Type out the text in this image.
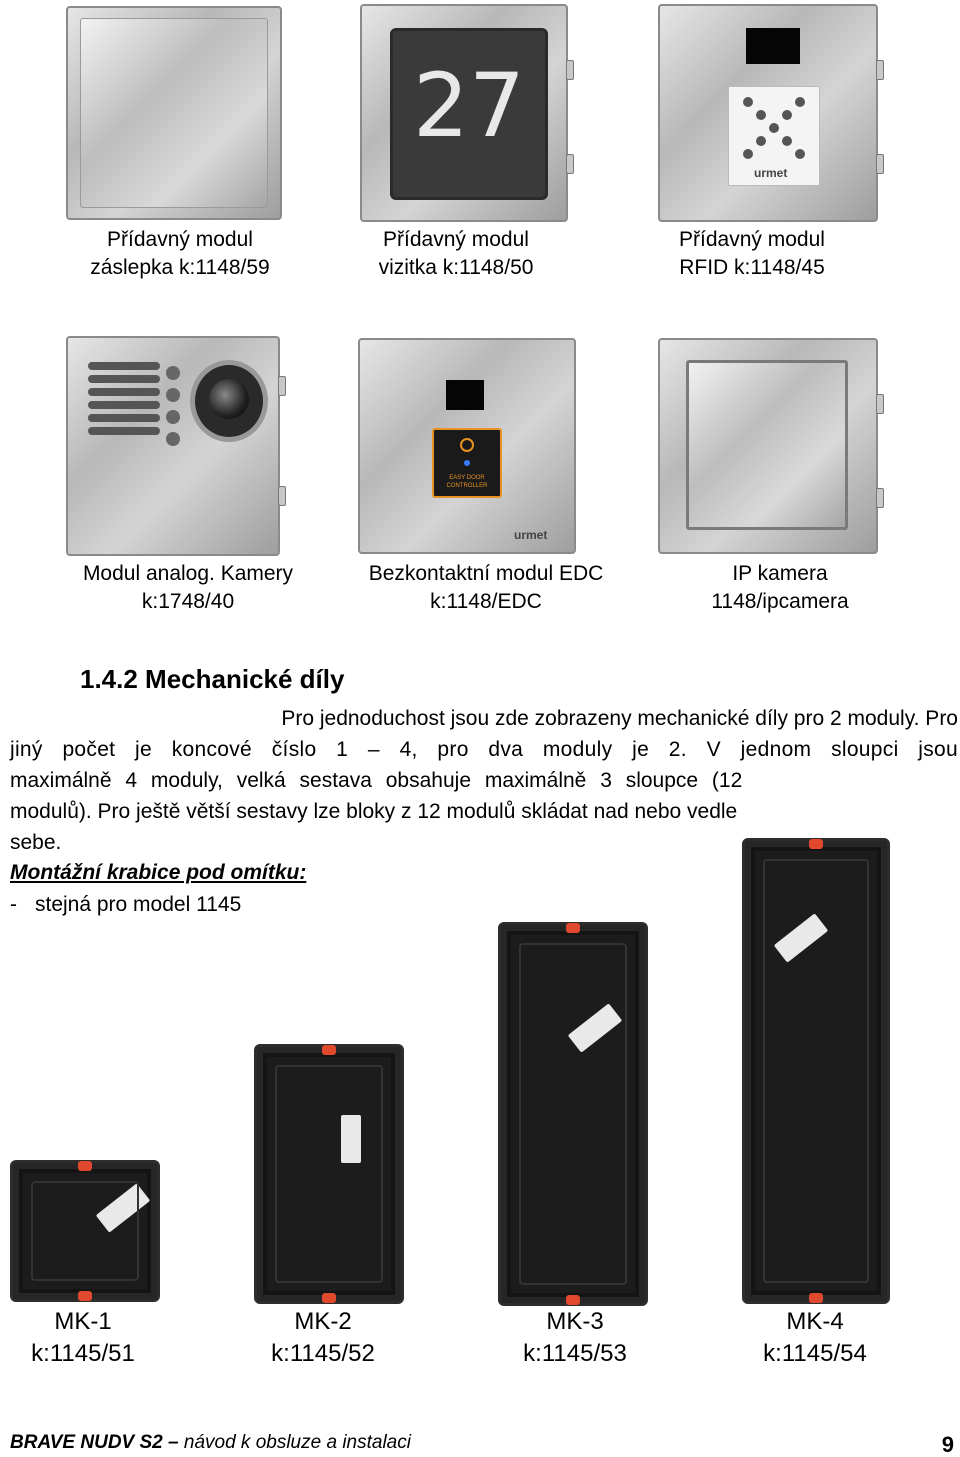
27
urmet
Přídavný modul
záslepka k:1148/59
Přídavný modul
vizitka k:1148/50
Přídavný modul
RFID k:1148/45
EASY DOOR CONTROLLER
urmet
Modul analog. Kamery
k:1748/40
Bezkontaktní modul EDC
k:1148/EDC
IP kamera
1148/ipcamera
1.4.2 Mechanické díly
Pro jednoduchost jsou zde zobrazeny mechanické díly pro 2 moduly. Pro
jiný počet je koncové číslo 1 – 4, pro dva moduly je 2. V jednom sloupci jsou
maximálně 4 moduly, velká sestava obsahuje maximálně 3 sloupce (12
modulů). Pro ještě větší sestavy lze bloky z 12 modulů skládat nad nebo vedle
sebe.
Montážní krabice pod omítku:
- stejná pro model 1145
MK-1
k:1145/51
MK-2
k:1145/52
MK-3
k:1145/53
MK-4
k:1145/54
BRAVE NUDV S2 – návod k obsluze a instalaci	9
